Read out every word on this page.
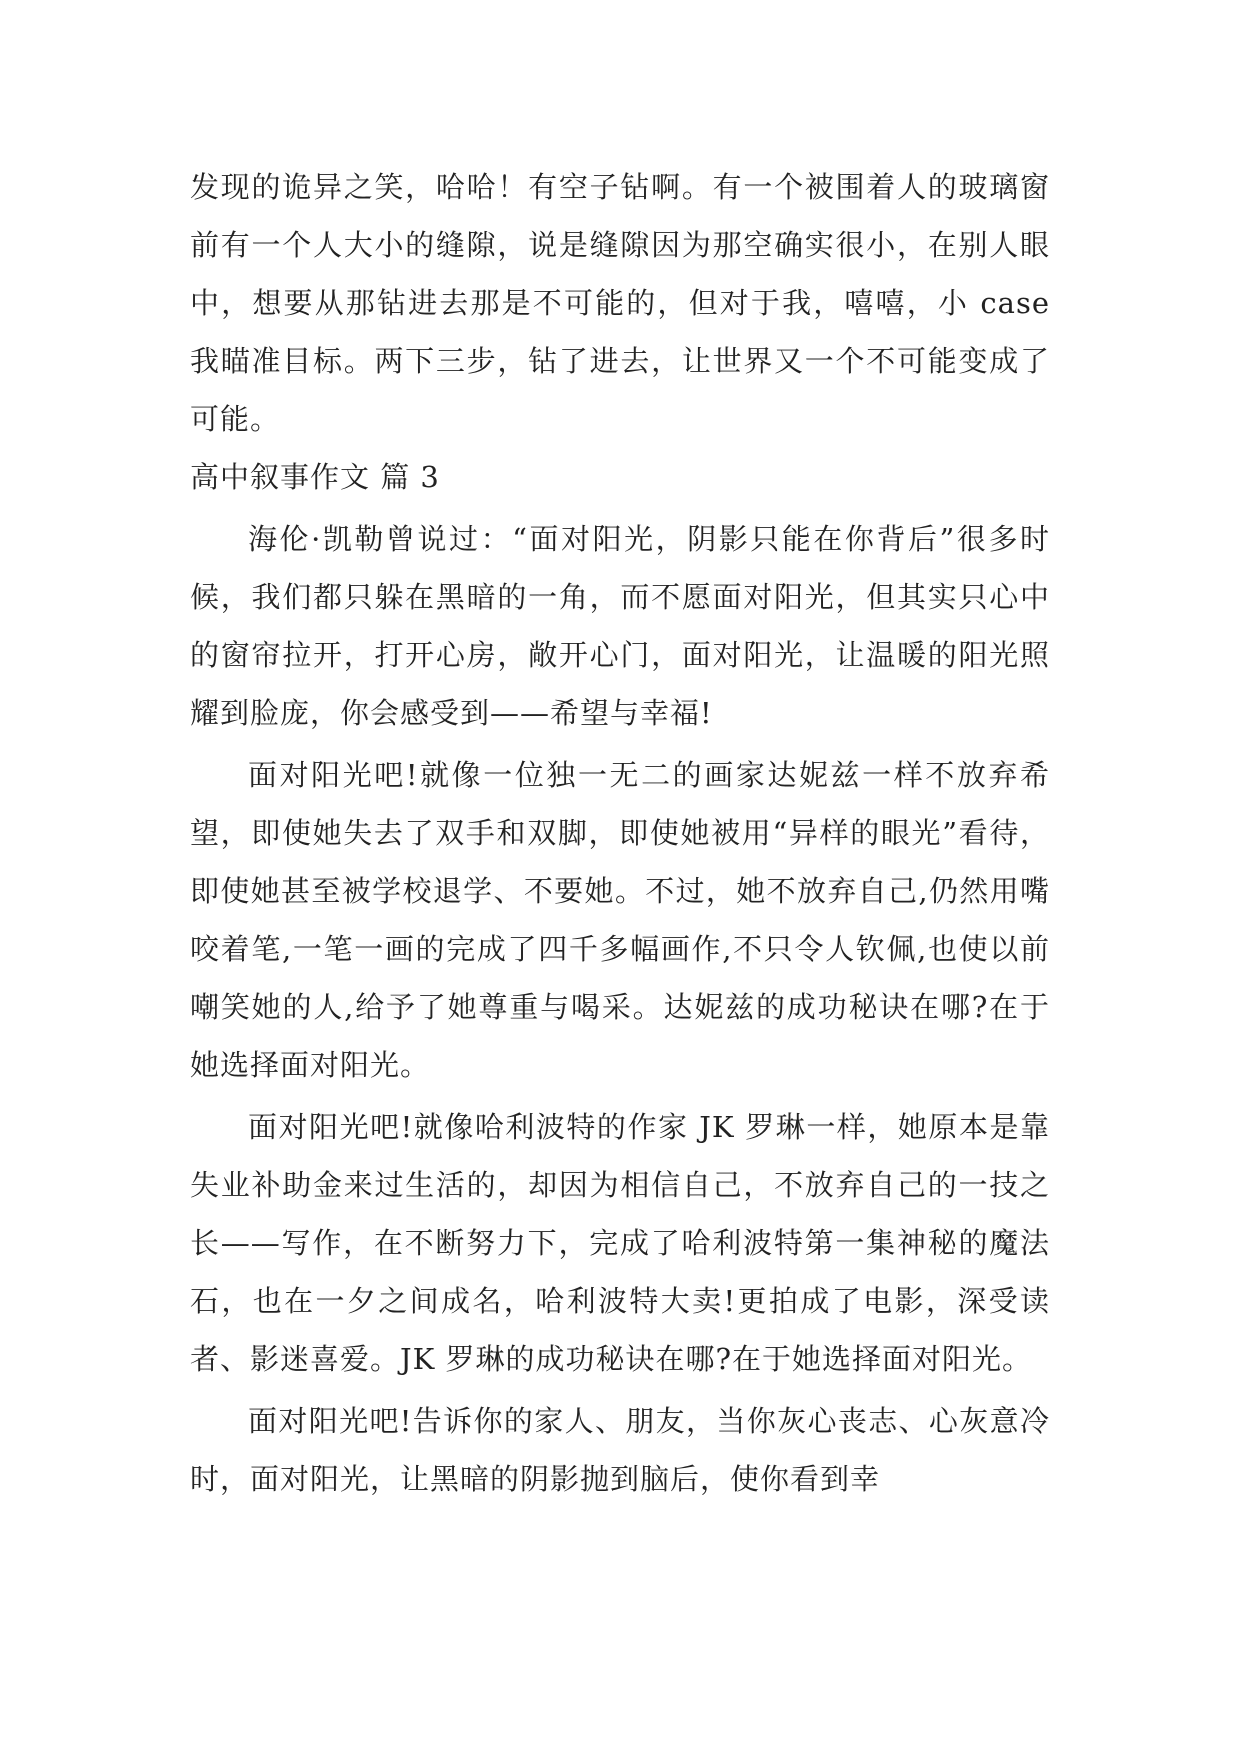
发现的诡异之笑，哈哈！有空子钻啊。有一个被围着人的玻璃窗前有一个人大小的缝隙，说是缝隙因为那空确实很小，在别人眼中，想要从那钻进去那是不可能的，但对于我，嘻嘻，小 case 我瞄准目标。两下三步，钻了进去，让世界又一个不可能变成了可能。

高中叙事作文 篇 3

海伦·凯勒曾说过：“面对阳光，阴影只能在你背后”很多时候，我们都只躲在黑暗的一角，而不愿面对阳光，但其实只心中的窗帘拉开，打开心房，敞开心门，面对阳光，让温暖的阳光照耀到脸庞，你会感受到——希望与幸福!

面对阳光吧!就像一位独一无二的画家达妮兹一样不放弃希望，即使她失去了双手和双脚，即使她被用“异样的眼光”看待，即使她甚至被学校退学、不要她。不过，她不放弃自己,仍然用嘴咬着笔,一笔一画的完成了四千多幅画作,不只令人钦佩,也使以前嘲笑她的人,给予了她尊重与喝采。达妮兹的成功秘诀在哪?在于她选择面对阳光。

面对阳光吧!就像哈利波特的作家 JK 罗琳一样，她原本是靠失业补助金来过生活的，却因为相信自己，不放弃自己的一技之长——写作，在不断努力下，完成了哈利波特第一集神秘的魔法石，也在一夕之间成名，哈利波特大卖!更拍成了电影，深受读者、影迷喜爱。JK 罗琳的成功秘诀在哪?在于她选择面对阳光。

面对阳光吧!告诉你的家人、朋友，当你灰心丧志、心灰意冷时，面对阳光，让黑暗的阴影抛到脑后，使你看到幸
